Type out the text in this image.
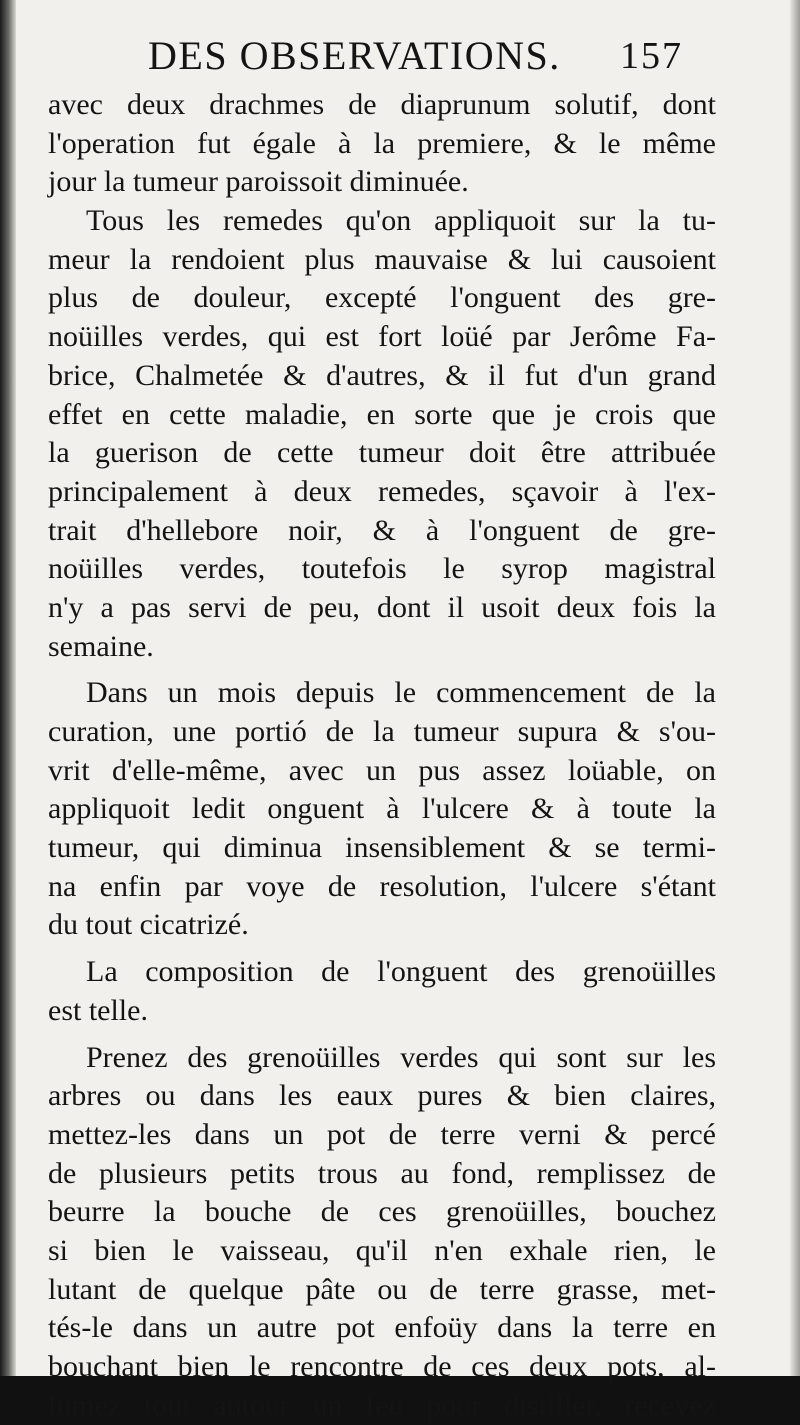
DES OBSERVATIONS. 157
avec deux drachmes de diaprunum solutif, dont
l'operation fut égale à la premiere, & le même
jour la tumeur paroissoit diminuée.
Tous les remedes qu'on appliquoit sur la tu-
meur la rendoient plus mauvaise & lui causoient
plus de douleur, excepté l'onguent des gre-
noüilles verdes, qui est fort loüé par Jerôme Fa-
brice, Chalmetée & d'autres, & il fut d'un grand
effet en cette maladie, en sorte que je crois que
la guerison de cette tumeur doit être attribuée
principalement à deux remedes, sçavoir à l'ex-
trait d'hellebore noir, & à l'onguent de gre-
noüilles verdes, toutefois le syrop magistral
n'y a pas servi de peu, dont il usoit deux fois la
semaine.
Dans un mois depuis le commencement de la
curation, une portió de la tumeur supura & s'ou-
vrit d'elle-même, avec un pus assez loüable, on
appliquoit ledit onguent à l'ulcere & à toute la
tumeur, qui diminua insensiblement & se termi-
na enfin par voye de resolution, l'ulcere s'étant
du tout cicatrizé.
La composition de l'onguent des grenoüilles
est telle.
Prenez des grenoüilles verdes qui sont sur les
arbres ou dans les eaux pures & bien claires,
mettez-les dans un pot de terre verni & percé
de plusieurs petits trous au fond, remplissez de
beurre la bouche de ces grenoüilles, bouchez
si bien le vaisseau, qu'il n'en exhale rien, le
lutant de quelque pâte ou de terre grasse, met-
tés-le dans un autre pot enfoüy dans la terre en
bouchant bien le rencontre de ces deux pots, al-
lumez tout autour un feu pour distiller, recevez
